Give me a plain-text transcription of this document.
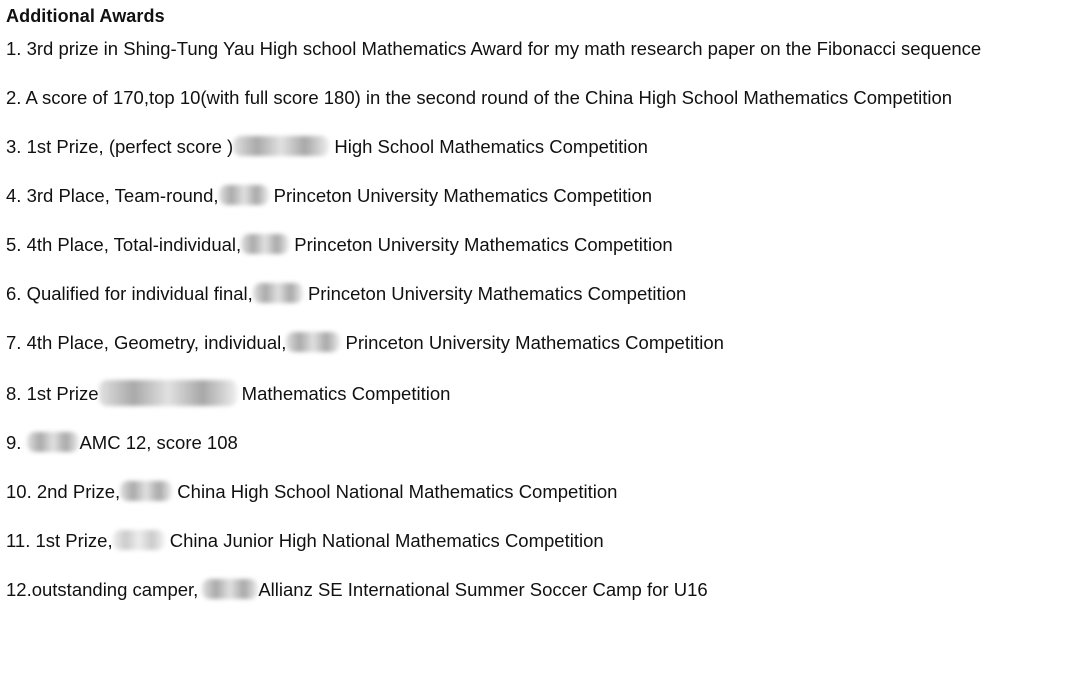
Additional Awards
1. 3rd prize in Shing-Tung Yau High school Mathematics Award for my math research paper on the Fibonacci sequence
2. A score of 170,top 10(with full score 180) in the second round of the China High School Mathematics Competition
3. 1st Prize, (perfect score )	High School Mathematics Competition
4. 3rd Place, Team-round,	Princeton University Mathematics Competition
5. 4th Place, Total-individual,	Princeton University Mathematics Competition
6. Qualified for individual final,	Princeton University Mathematics Competition
7. 4th Place, Geometry, individual,	Princeton University Mathematics Competition
8. 1st Prize	Mathematics Competition
9.	AMC 12, score 108
10. 2nd Prize,	China High School National Mathematics Competition
11. 1st Prize,	China Junior High National Mathematics Competition
12.outstanding camper,	Allianz SE International Summer Soccer Camp for U16
